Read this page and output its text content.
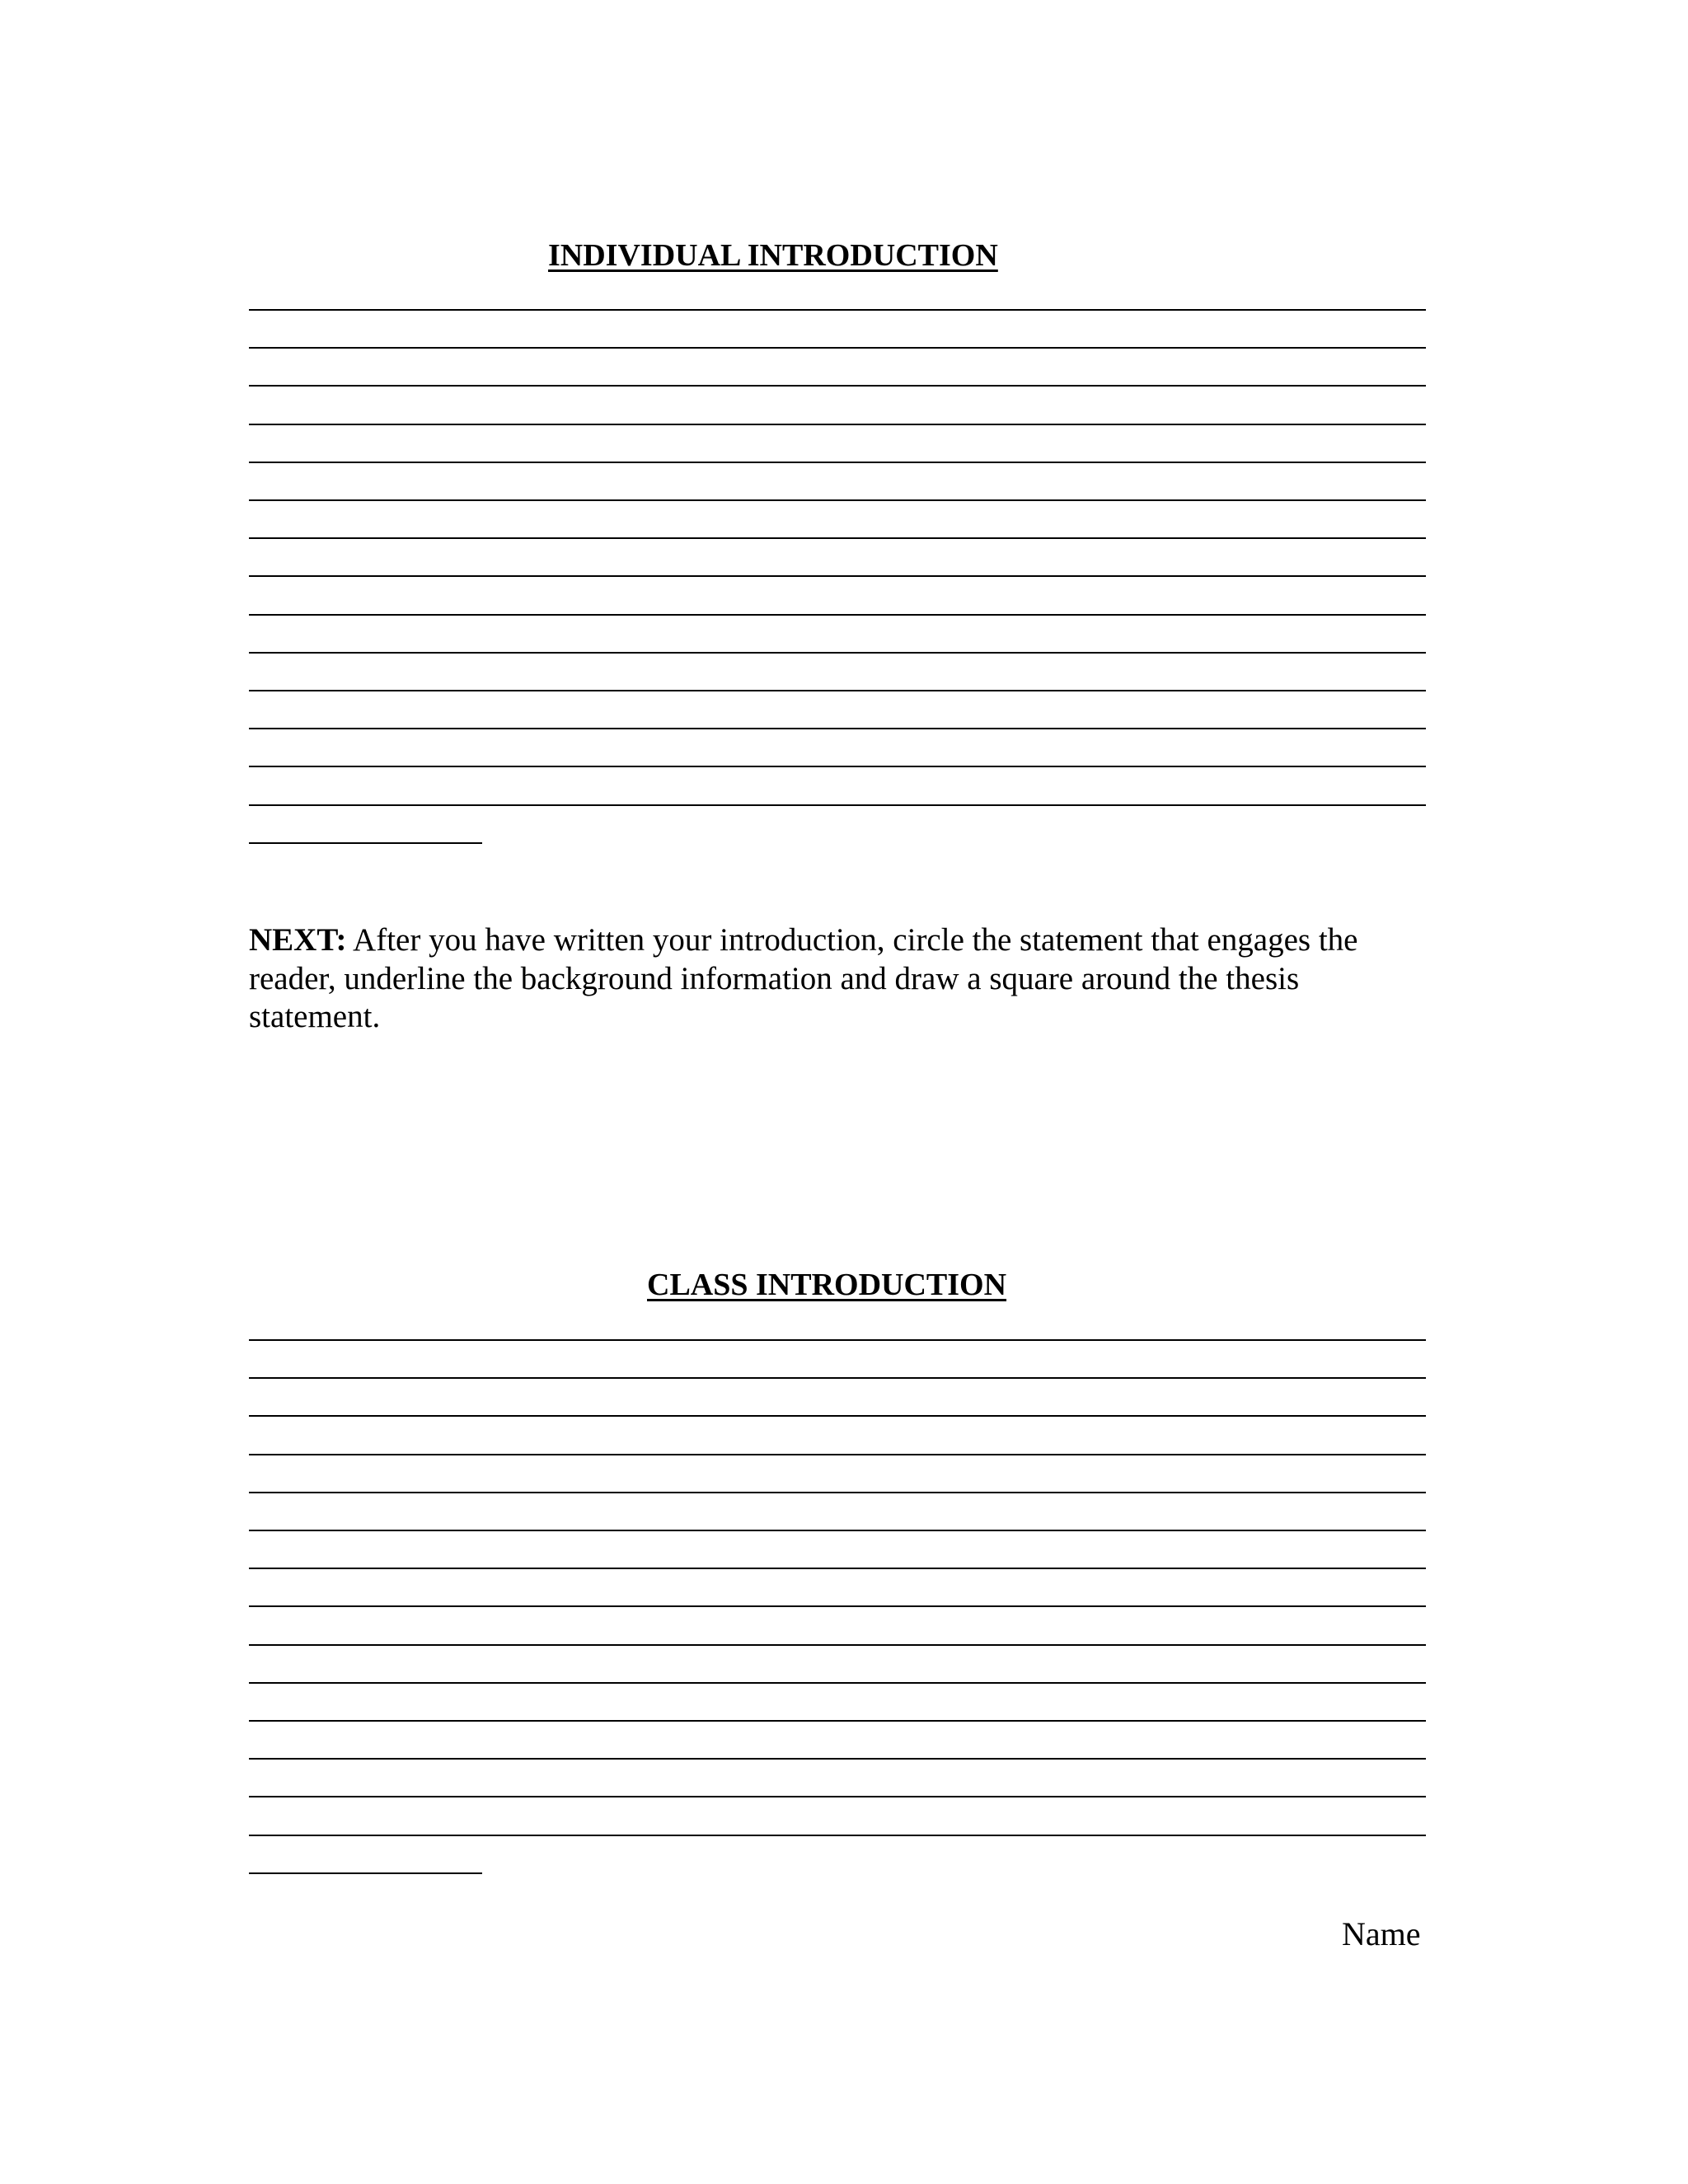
INDIVIDUAL INTRODUCTION
NEXT: After you have written your introduction, circle the statement that engages the reader, underline the background information and draw a square around the thesis statement.
CLASS INTRODUCTION
Name
